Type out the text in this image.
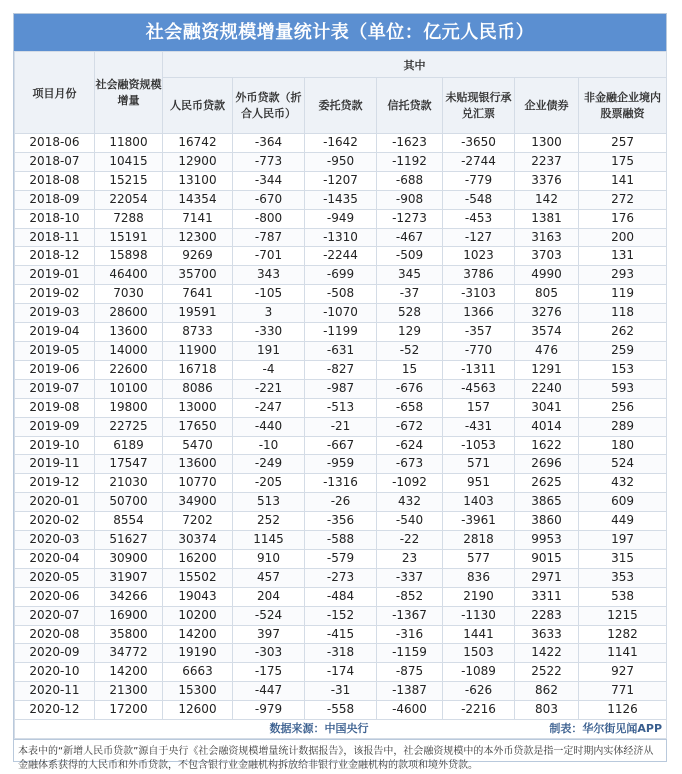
社会融资规模增量统计表（单位：亿元人民币）
项目月份	社会融资规模增量	其中						
		人民币贷款	外币贷款（折合人民币）	委托贷款	信托贷款	未贴现银行承兑汇票	企业债券	非金融企业境内股票融资
2018-06	11800	16742	-364	-1642	-1623	-3650	1300	257
2018-07	10415	12900	-773	-950	-1192	-2744	2237	175
2018-08	15215	13100	-344	-1207	-688	-779	3376	141
2018-09	22054	14354	-670	-1435	-908	-548	142	272
2018-10	7288	7141	-800	-949	-1273	-453	1381	176
2018-11	15191	12300	-787	-1310	-467	-127	3163	200
2018-12	15898	9269	-701	-2244	-509	1023	3703	131
2019-01	46400	35700	343	-699	345	3786	4990	293
2019-02	7030	7641	-105	-508	-37	-3103	805	119
2019-03	28600	19591	3	-1070	528	1366	3276	118
2019-04	13600	8733	-330	-1199	129	-357	3574	262
2019-05	14000	11900	191	-631	-52	-770	476	259
2019-06	22600	16718	-4	-827	15	-1311	1291	153
2019-07	10100	8086	-221	-987	-676	-4563	2240	593
2019-08	19800	13000	-247	-513	-658	157	3041	256
2019-09	22725	17650	-440	-21	-672	-431	4014	289
2019-10	6189	5470	-10	-667	-624	-1053	1622	180
2019-11	17547	13600	-249	-959	-673	571	2696	524
2019-12	21030	10770	-205	-1316	-1092	951	2625	432
2020-01	50700	34900	513	-26	432	1403	3865	609
2020-02	8554	7202	252	-356	-540	-3961	3860	449
2020-03	51627	30374	1145	-588	-22	2818	9953	197
2020-04	30900	16200	910	-579	23	577	9015	315
2020-05	31907	15502	457	-273	-337	836	2971	353
2020-06	34266	19043	204	-484	-852	2190	3311	538
2020-07	16900	10200	-524	-152	-1367	-1130	2283	1215
2020-08	35800	14200	397	-415	-316	1441	3633	1282
2020-09	34772	19190	-303	-318	-1159	1503	1422	1141
2020-10	14200	6663	-175	-174	-875	-1089	2522	927
2020-11	21300	15300	-447	-31	-1387	-626	862	771
2020-12	17200	12600	-979	-558	-4600	-2216	803	1126
数据来源：中国央行					制表：华尔街见闻APP			
本表中的“新增人民币贷款”源自于央行《社会融资规模增量统计数据报告》，该报告中，社会融资规模中的本外币贷款是指一定时期内实体经济从金融体系获得的人民币和外币贷款，不包含银行业金融机构拆放给非银行业金融机构的款项和境外贷款。
